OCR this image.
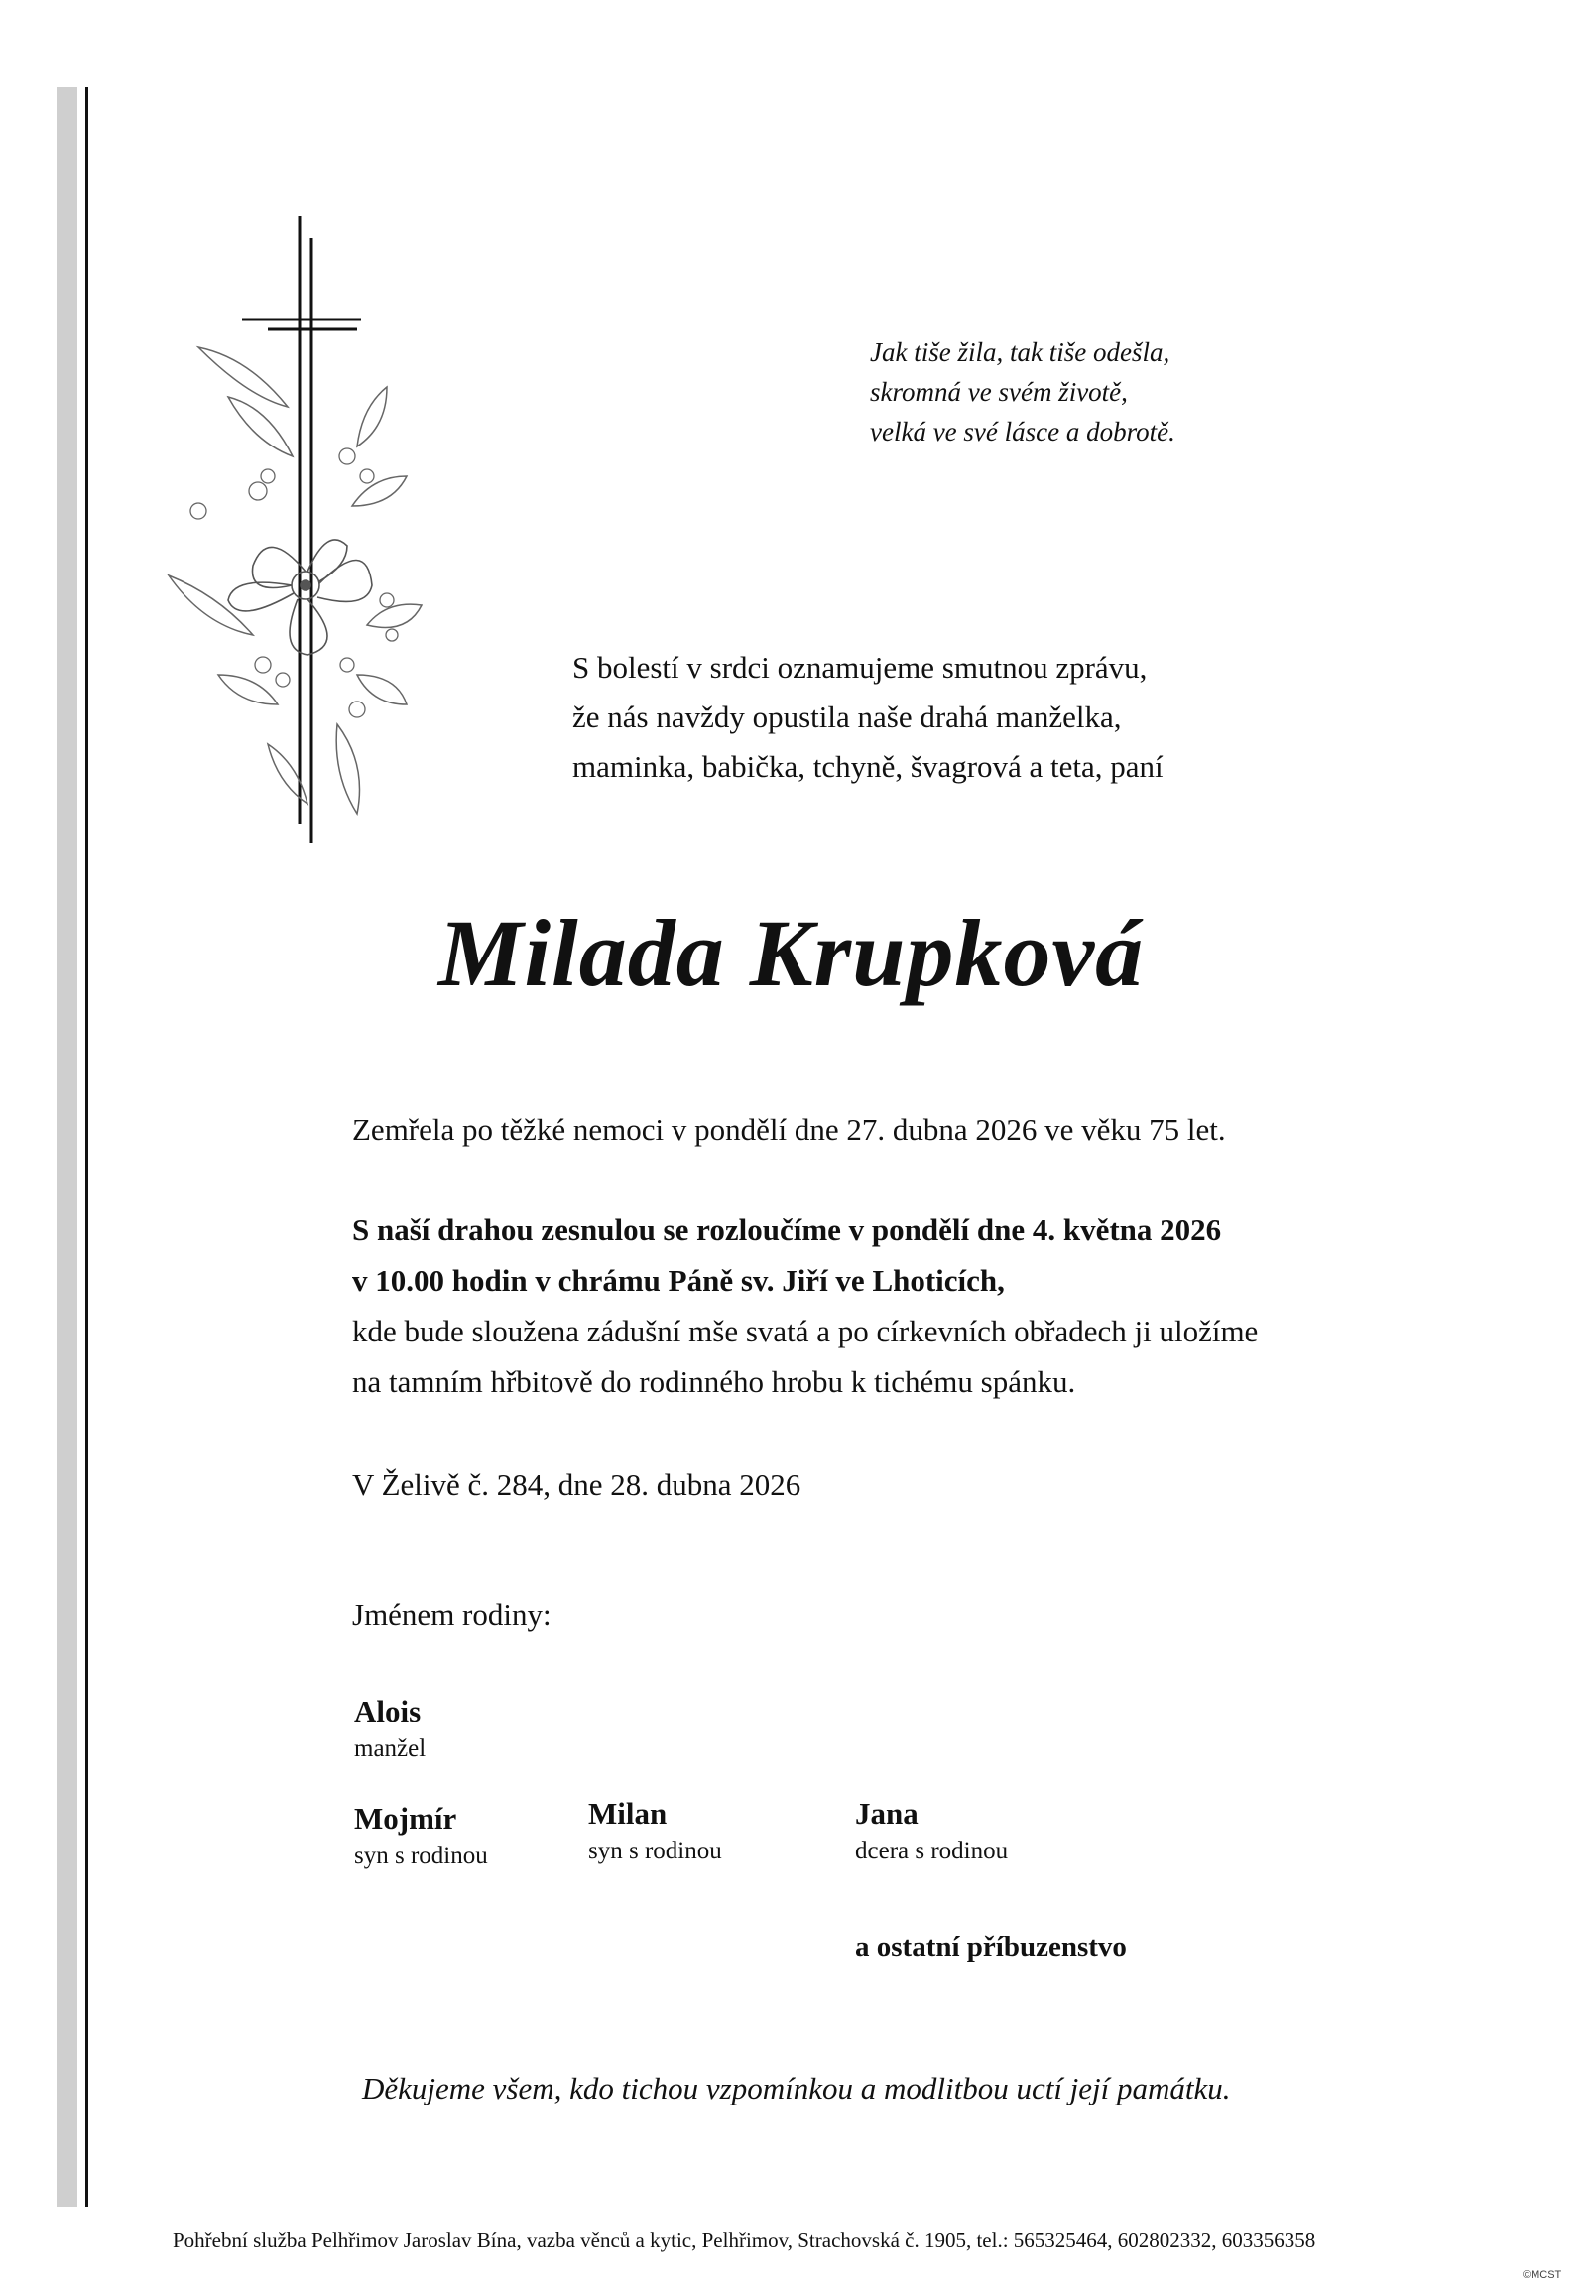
Jak tiše žila, tak tiše odešla,
skromná ve svém životě,
velká ve své lásce a dobrotě.
S bolestí v srdci oznamujeme smutnou zprávu,
že nás navždy opustila naše drahá manželka,
maminka, babička, tchyně, švagrová a teta, paní
Milada Krupková
Zemřela po těžké nemoci v pondělí dne 27. dubna 2026 ve věku 75 let.
S naší drahou zesnulou se rozloučíme v pondělí dne 4. května 2026
v 10.00 hodin v chrámu Páně sv. Jiří ve Lhoticích,
kde bude sloužena zádušní mše svatá a po církevních obřadech ji uložíme
na tamním hřbitově do rodinného hrobu k tichému spánku.
V Želivě č. 284, dne 28. dubna 2026
Jménem rodiny:
Alois
manžel
Mojmír
syn s rodinou
Milan
syn s rodinou
Jana
dcera s rodinou
a ostatní příbuzenstvo
Děkujeme všem, kdo tichou vzpomínkou a modlitbou uctí její památku.
Pohřební služba Pelhřimov Jaroslav Bína, vazba věnců a kytic, Pelhřimov, Strachovská č. 1905, tel.: 565325464, 602802332, 603356358
©MCST
